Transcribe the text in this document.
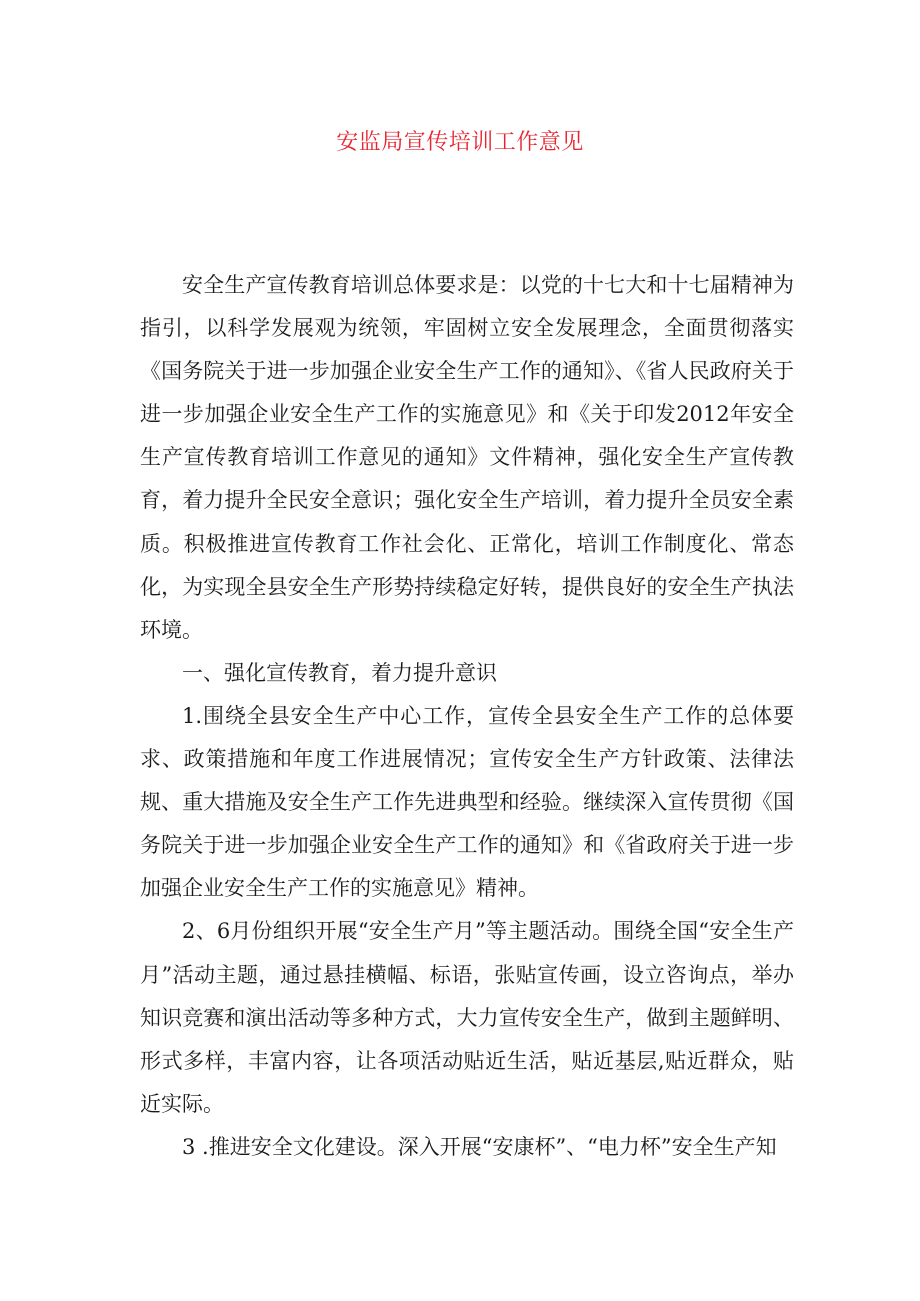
安监局宣传培训工作意见

安全生产宣传教育培训总体要求是：以党的十七大和十七届精神为指引，以科学发展观为统领，牢固树立安全发展理念，全面贯彻落实《国务院关于进一步加强企业安全生产工作的通知》、《省人民政府关于进一步加强企业安全生产工作的实施意见》和《关于印发2012年安全生产宣传教育培训工作意见的通知》文件精神，强化安全生产宣传教育，着力提升全民安全意识；强化安全生产培训，着力提升全员安全素质。积极推进宣传教育工作社会化、正常化，培训工作制度化、常态化，为实现全县安全生产形势持续稳定好转，提供良好的安全生产执法环境。

一、强化宣传教育，着力提升意识

1.围绕全县安全生产中心工作，宣传全县安全生产工作的总体要求、政策措施和年度工作进展情况；宣传安全生产方针政策、法律法规、重大措施及安全生产工作先进典型和经验。继续深入宣传贯彻《国务院关于进一步加强企业安全生产工作的通知》和《省政府关于进一步加强企业安全生产工作的实施意见》精神。

2、6月份组织开展“安全生产月”等主题活动。围绕全国“安全生产月”活动主题，通过悬挂横幅、标语，张贴宣传画，设立咨询点，举办知识竞赛和演出活动等多种方式，大力宣传安全生产，做到主题鲜明、形式多样，丰富内容，让各项活动贴近生活，贴近基层,贴近群众，贴近实际。

3 .推进安全文化建设。深入开展“安康杯”、“电力杯”安全生产知
